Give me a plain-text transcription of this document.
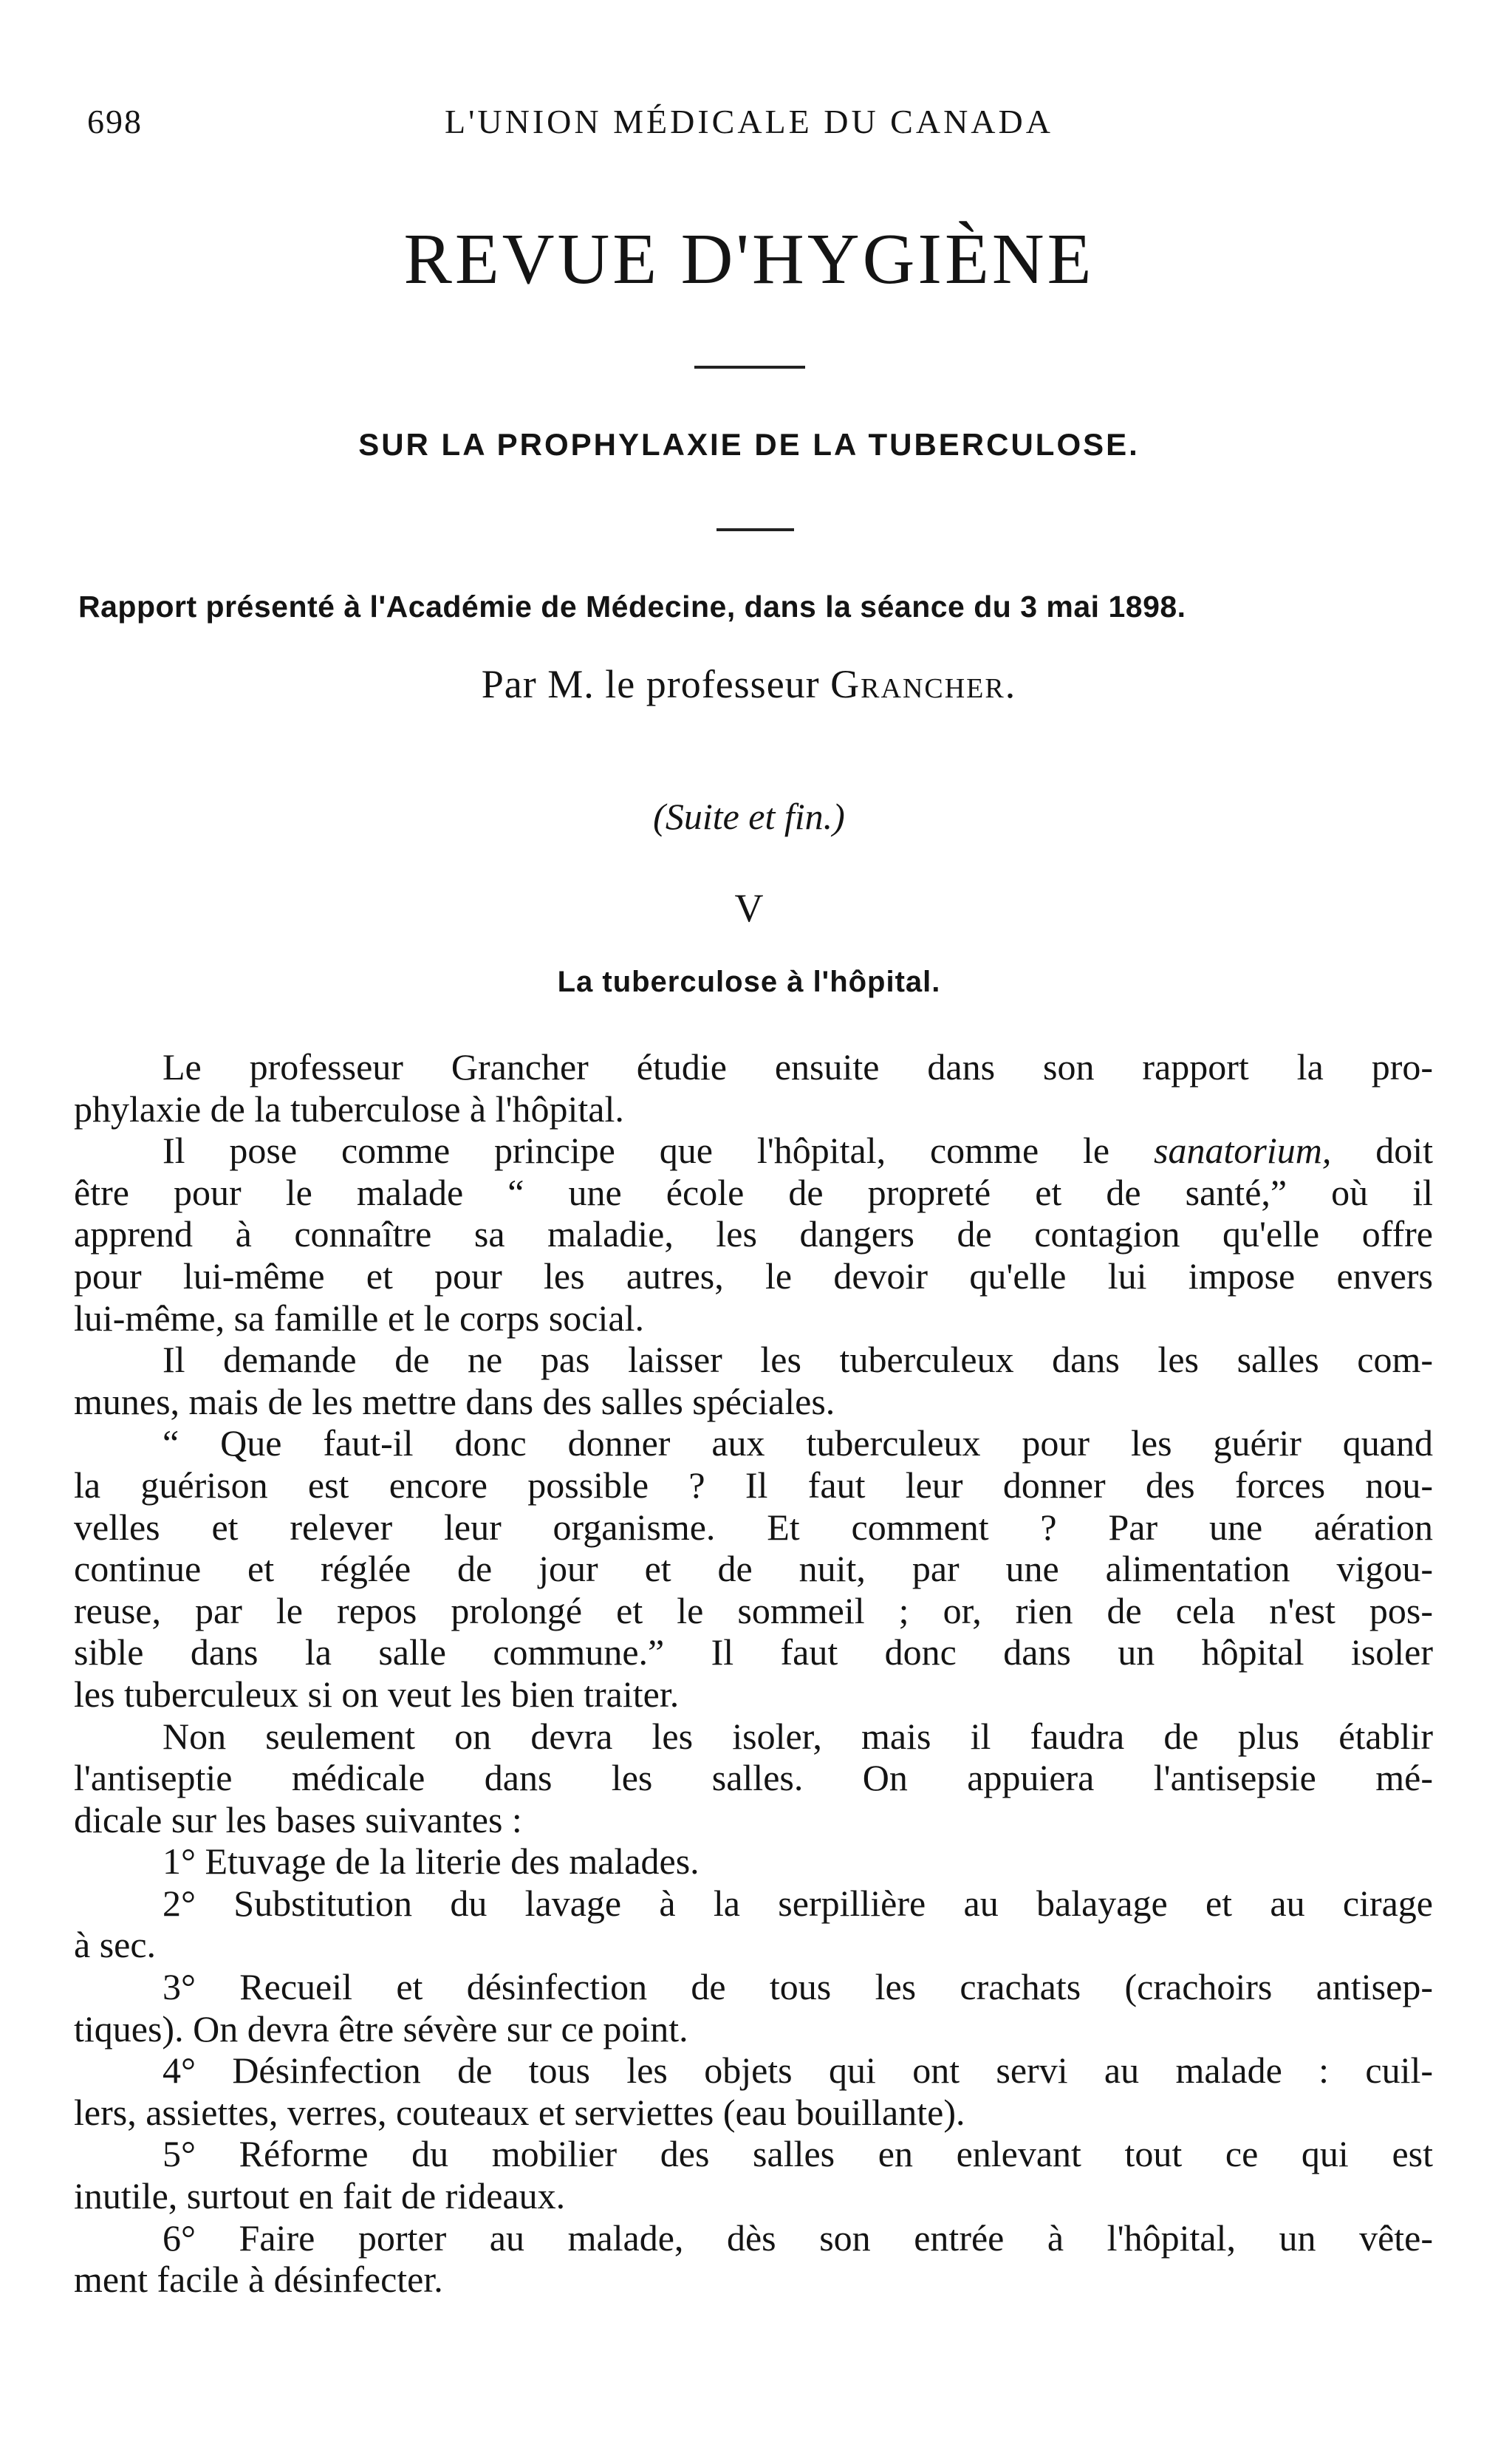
698	L'UNION MÉDICALE DU CANADA
REVUE D'HYGIÈNE
SUR LA PROPHYLAXIE DE LA TUBERCULOSE.
Rapport présenté à l'Académie de Médecine, dans la séance du 3 mai 1898.
Par M. le professeur Grancher.
(Suite et fin.)
V
La tuberculose à l'hôpital.
Le professeur Grancher étudie ensuite dans son rapport la pro-
phylaxie de la tuberculose à l'hôpital.
Il pose comme principe que l'hôpital, comme le sanatorium, doit
être pour le malade “ une école de propreté et de santé,” où il
apprend à connaître sa maladie, les dangers de contagion qu'elle offre
pour lui-même et pour les autres, le devoir qu'elle lui impose envers
lui-même, sa famille et le corps social.
Il demande de ne pas laisser les tuberculeux dans les salles com-
munes, mais de les mettre dans des salles spéciales.
“ Que faut-il donc donner aux tuberculeux pour les guérir quand
la guérison est encore possible ? Il faut leur donner des forces nou-
velles et relever leur organisme. Et comment ? Par une aération
continue et réglée de jour et de nuit, par une alimentation vigou-
reuse, par le repos prolongé et le sommeil ; or, rien de cela n'est pos-
sible dans la salle commune.” Il faut donc dans un hôpital isoler
les tuberculeux si on veut les bien traiter.
Non seulement on devra les isoler, mais il faudra de plus établir
l'antiseptie médicale dans les salles. On appuiera l'antisepsie mé-
dicale sur les bases suivantes :
1° Etuvage de la literie des malades.
2° Substitution du lavage à la serpillière au balayage et au cirage
à sec.
3° Recueil et désinfection de tous les crachats (crachoirs antisep-
tiques). On devra être sévère sur ce point.
4° Désinfection de tous les objets qui ont servi au malade : cuil-
lers, assiettes, verres, couteaux et serviettes (eau bouillante).
5° Réforme du mobilier des salles en enlevant tout ce qui est
inutile, surtout en fait de rideaux.
6° Faire porter au malade, dès son entrée à l'hôpital, un vête-
ment facile à désinfecter.
